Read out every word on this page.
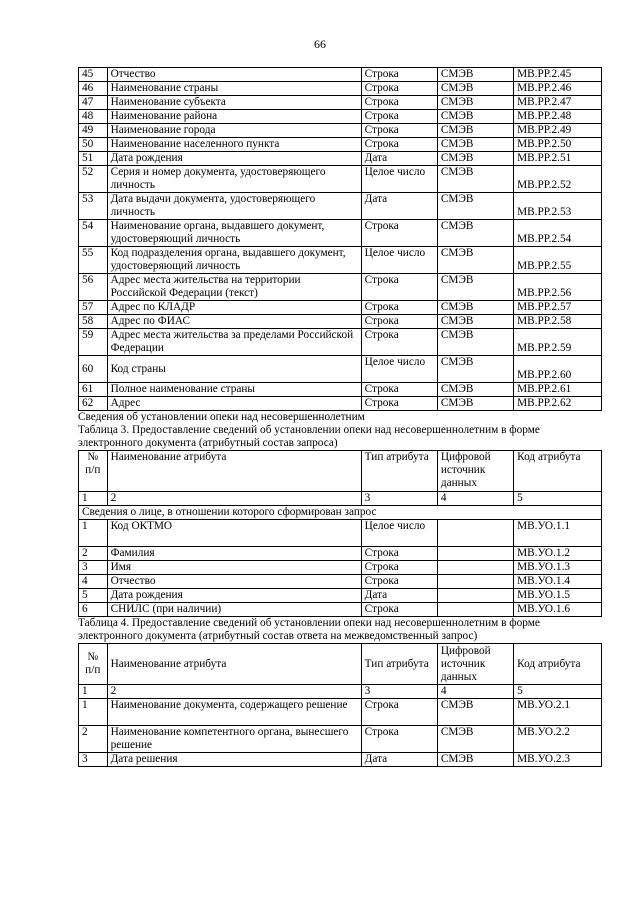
66
45	Отчество	Строка	СМЭВ	МВ.РР.2.45
46	Наименование страны	Строка	СМЭВ	МВ.РР.2.46
47	Наименование субъекта	Строка	СМЭВ	МВ.РР.2.47
48	Наименование района	Строка	СМЭВ	МВ.РР.2.48
49	Наименование города	Строка	СМЭВ	МВ.РР.2.49
50	Наименование населенного пункта	Строка	СМЭВ	МВ.РР.2.50
51	Дата рождения	Дата	СМЭВ	МВ.РР.2.51
52	Серия и номер документа, удостоверяющего личность	Целое число	СМЭВ	МВ.РР.2.52
53	Дата выдачи документа, удостоверяющего личность	Дата	СМЭВ	МВ.РР.2.53
54	Наименование органа, выдавшего документ, удостоверяющий личность	Строка	СМЭВ	МВ.РР.2.54
55	Код подразделения органа, выдавшего документ, удостоверяющий личность	Целое число	СМЭВ	МВ.РР.2.55
56	Адрес места жительства на территории Российской Федерации (текст)	Строка	СМЭВ	МВ.РР.2.56
57	Адрес по КЛАДР	Строка	СМЭВ	МВ.РР.2.57
58	Адрес по ФИАС	Строка	СМЭВ	МВ.РР.2.58
59	Адрес места жительства за пределами Российской Федерации	Строка	СМЭВ	МВ.РР.2.59
60	Код страны	Целое число	СМЭВ	МВ.РР.2.60
61	Полное наименование страны	Строка	СМЭВ	МВ.РР.2.61
62	Адрес	Строка	СМЭВ	МВ.РР.2.62
Сведения об установлении опеки над несовершеннолетним
Таблица 3. Предоставление сведений об установлении опеки над несовершеннолетним в форме электронного документа (атрибутный состав запроса)
№ п/п	Наименование атрибута	Тип атрибута	Цифровой источник данных	Код атрибута
1	2	3	4	5
Сведения о лице, в отношении которого сформирован запрос				
1	Код ОКТМО	Целое число		МВ.УО.1.1
2	Фамилия	Строка		МВ.УО.1.2
3	Имя	Строка		МВ.УО.1.3
4	Отчество	Строка		МВ.УО.1.4
5	Дата рождения	Дата		МВ.УО.1.5
6	СНИЛС (при наличии)	Строка		МВ.УО.1.6
Таблица 4. Предоставление сведений об установлении опеки над несовершеннолетним в форме электронного документа (атрибутный состав ответа на межведомственный запрос)
№ п/п	Наименование атрибута	Тип атрибута	Цифровой источник данных	Код атрибута
1	2	3	4	5
1	Наименование документа, содержащего решение	Строка	СМЭВ	МВ.УО.2.1
2	Наименование компетентного органа, вынесшего решение	Строка	СМЭВ	МВ.УО.2.2
3	Дата решения	Дата	СМЭВ	МВ.УО.2.3
